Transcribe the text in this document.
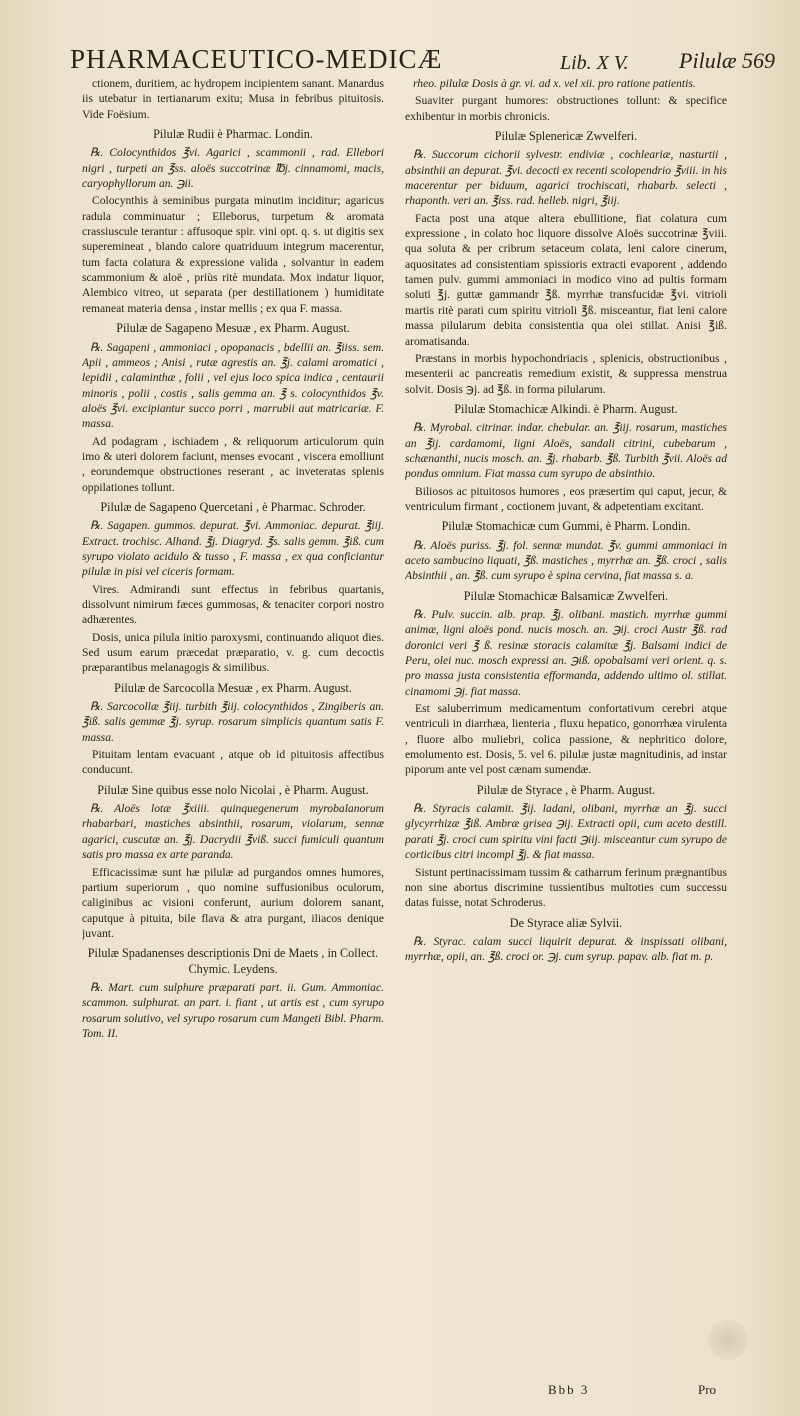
PHARMACEUTICO-MEDICÆ	Lib. X V. Pilulæ 569

ctionem, duritiem, ac hydropem incipientem sanant. Manardus iis utebatur in tertianarum exitu; Musa in febribus pituitosis. Vide Foësium.

Pilulæ Rudii è Pharmac. Londin.

℞. Colocynthidos ℥vi. Agarici , scammonii , rad. Ellebori nigri , turpeti an ℥ss. aloës succotrinæ ℔j. cinnamomi, macis, caryophyllorum an. ℈ii.

Colocynthis à seminibus purgata minutim inciditur; agaricus radula comminuatur ; Elleborus, turpetum & aromata crassiuscule terantur : affusoque spir. vini opt. q. s. ut digitis sex superemineat , blando calore quatriduum integrum macerentur, tum facta colatura & expressione valida , solvantur in eadem scammonium & aloë , priùs ritè mundata. Mox indatur liquor, Alembico vitreo, ut separata (per destillationem ) humiditate remaneat materia densa , instar mellis ; ex qua F. massa.

Pilulæ de Sagapeno Mesuæ , ex Pharm. August.

℞. Sagapeni , ammoniaci , opopanacis , bdellii an. ℥iiss. sem. Apii , ammeos ; Anisi , rutæ agrestis an. ℥j. calami aromatici , lepidii , calaminthæ , folii , vel ejus loco spica indica , centaurii minoris , polii , costis , salis gemma an. ℥ s. colocynthidos ℥v. aloës ℥vi. excipiantur succo porri , marrubii aut matricariæ. F. massa.

Ad podagram , ischiadem , & reliquorum articulorum quin imo & uteri dolorem faciunt, menses evocant , viscera emolliunt , eorundemque obstructiones reserant , ac inveteratas splenis oppilationes tollunt.

Pilulæ de Sagapeno Quercetani , è Pharmac. Schroder.

℞. Sagapen. gummos. depurat. ℥vi. Ammoniac. depurat. ℥iij. Extract. trochisc. Alhand. ℥j. Diagryd. ℥s. salis gemm. ℥iß. cum syrupo violato acidulo & tusso , F. massa , ex qua conficiantur pilulæ in pisi vel ciceris formam.

Vires. Admirandi sunt effectus in febribus quartanis, dissolvunt nimirum fæces gummosas, & tenaciter corpori nostro adhærentes.

Dosis, unica pilula initio paroxysmi, continuando aliquot dies. Sed usum earum præcedat præparatio, v. g. cum decoctis præparantibus melanagogis & similibus.

Pilulæ de Sarcocolla Mesuæ , ex Pharm. August.

℞. Sarcocollæ ℥iij. turbith ℥iij. colocynthidos , Zingiberis an. ℥iß. salis gemmæ ℥j. syrup. rosarum simplicis quantum satis F. massa.

Pituitam lentam evacuant , atque ob id pituitosis affectibus conducunt.

Pilulæ Sine quibus esse nolo Nicolai , è Pharm. August.

℞. Aloës lotæ ℥xiiii. quinquegenerum myrobalanorum rhabarbari, mastiches absinthii, rosarum, violarum, sennæ agarici, cuscutæ an. ℥j. Dacrydii ℥viß. succi fumiculi quantum satis pro massa ex arte paranda.

Efficacissimæ sunt hæ pilulæ ad purgandos omnes humores, partium superiorum , quo nomine suffusionibus oculorum, caliginibus ac visioni conferunt, aurium dolorem sanant, caputque à pituita, bile flava & atra purgant, iliacos denique juvant.

Pilulæ Spadanenses descriptionis Dni de Maets , in Collect. Chymic. Leydens.

℞. Mart. cum sulphure præparati part. ii. Gum. Ammoniac. scammon. sulphurat. an part. i. fiant , ut artis est , cum syrupo rosarum solutivo, vel syrupo rosarum cum Mangeti Bibl. Pharm. Tom. II.

rheo. pilulæ Dosis à gr. vi. ad x. vel xii. pro ratione patientis.

Suaviter purgant humores: obstructiones tollunt: & specifice exhibentur in morbis chronicis.

Pilulæ Splenericæ Zwvelferi.

℞. Succorum cichorii sylvestr. endiviæ , cochleariæ, nasturtii , absinthii an depurat. ℥vi. decocti ex recenti scolopendrio ℥viii. in his macerentur per biduum, agarici trochiscati, rhabarb. selecti , rhaponth. veri an. ℥iss. rad. helleb. nigri, ℥iij.

Facta post una atque altera ebullitione, fiat colatura cum expressione , in colato hoc liquore dissolve Aloës succotrinæ ℥viii. qua soluta & per cribrum setaceum colata, leni calore cinerum, aquositates ad consistentiam spissioris extracti evaporent , addendo tamen pulv. gummi ammoniaci in modico vino ad pultis formam soluti ℥j. guttæ gammandr ℥ß. myrrhæ transfucidæ ℥vi. vitrioli martis ritè parati cum spiritu vitrioli ℥ß. misceantur, fiat leni calore massa pilularum debita consistentia qua olei stillat. Anisi ℥iß. aromatisanda.

Præstans in morbis hypochondriacis , splenicis, obstructionibus , mesenterii ac pancreatis remedium existit, & suppressa menstrua solvit. Dosis ℈j. ad ℥ß. in forma pilularum.

Pilulæ Stomachicæ Alkindi. è Pharm. August.

℞. Myrobal. citrinar. indar. chebular. an. ℥iij. rosarum, mastiches an ℥ij. cardamomi, ligni Aloës, sandali citrini, cubebarum , schænanthi, nucis mosch. an. ℥j. rhabarb. ℥ß. Turbith ℥vii. Aloës ad pondus omnium. Fiat massa cum syrupo de absinthio.

Biliosos ac pituitosos humores , eos præsertim qui caput, jecur, & ventriculum firmant , coctionem juvant, & adpetentiam excitant.

Pilulæ Stomachicæ cum Gummi, è Pharm. Londin.

℞. Aloës puriss. ℥j. fol. sennæ mundat. ℥v. gummi ammoniaci in aceto sambucino liquati, ℥ß. mastiches , myrrhæ an. ℥ß. croci , salis Absinthii , an. ℥ß. cum syrupo è spina cervina, fiat massa s. a.

Pilulæ Stomachicæ Balsamicæ Zwvelferi.

℞. Pulv. succin. alb. prap. ℥j. olibani. mastich. myrrhæ gummi animæ, ligni aloës pond. nucis mosch. an. ℈ij. croci Austr ℥ß. rad doronici veri ℥ ß. resinæ storacis calamitæ ℥j. Balsami indici de Peru, olei nuc. mosch expressi an. ℈iß. opobalsami veri orient. q. s. pro massa justa consistentia efformanda, addendo ultimo ol. stillat. cinamomi ℈j. fiat massa.

Est saluberrimum medicamentum confortativum cerebri atque ventriculi in diarrhæa, lienteria , fluxu hepatico, gonorrhæa virulenta , fluore albo muliebri, colica passione, & nephritico dolore, emolumento est. Dosis, 5. vel 6. pilulæ justæ magnitudinis, ad instar piporum ante vel post cænam sumendæ.

Pilulæ de Styrace , è Pharm. August.

℞. Styracis calamit. ℥ij. ladani, olibani, myrrhæ an ℥j. succi glycyrrhizæ ℥iß. Ambræ grisea ℈ij. Extracti opii, cum aceto destill. parati ℥j. croci cum spiritu vini facti ℈iij. misceantur cum syrupo de corticibus citri incompl ℥j. & fiat massa.

Sistunt pertinacissimam tussim & catharrum ferinum prægnantibus non sine abortus discrimine tussientibus multoties cum successu datas fuisse, notat Schroderus.

De Styrace aliæ Sylvii.

℞. Styrac. calam succi liquirit depurat. & inspissati olibani, myrrhæ, opii, an. ℥ß. croci or. ℈j. cum syrup. papav. alb. fiat m. p.

Bbb 3	Pro
